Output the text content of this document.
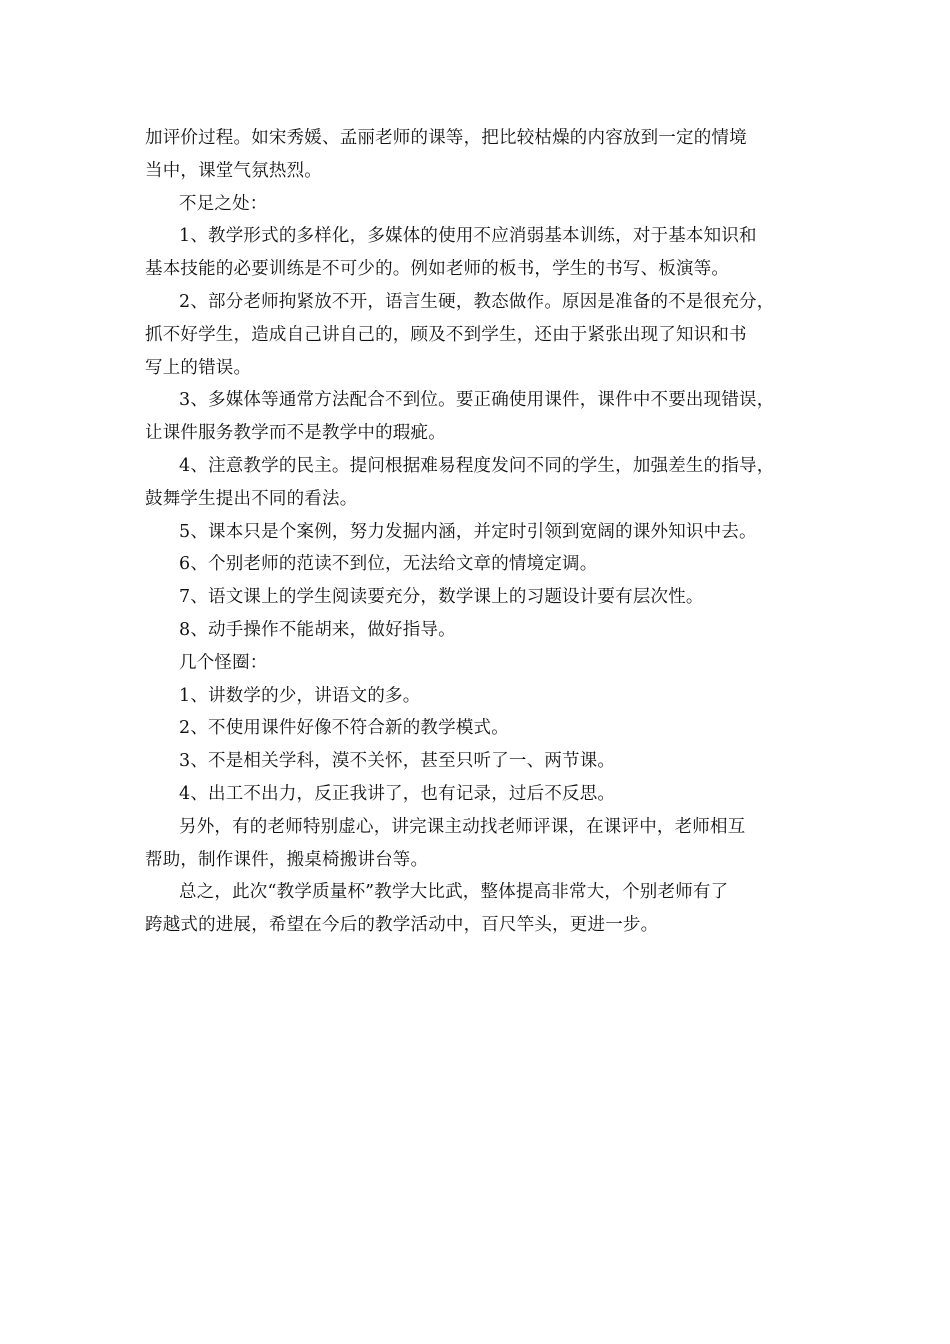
加评价过程。如宋秀媛、孟丽老师的课等，把比较枯燥的内容放到一定的情境
当中，课堂气氛热烈。
不足之处：
1、教学形式的多样化，多媒体的使用不应消弱基本训练，对于基本知识和
基本技能的必要训练是不可少的。例如老师的板书，学生的书写、板演等。
2、部分老师拘紧放不开，语言生硬，教态做作。原因是准备的不是很充分，
抓不好学生，造成自己讲自己的，顾及不到学生，还由于紧张出现了知识和书
写上的错误。
3、多媒体等通常方法配合不到位。要正确使用课件，课件中不要出现错误，
让课件服务教学而不是教学中的瑕疵。
4、注意教学的民主。提问根据难易程度发问不同的学生，加强差生的指导，
鼓舞学生提出不同的看法。
5、课本只是个案例，努力发掘内涵，并定时引领到宽阔的课外知识中去。
6、个别老师的范读不到位，无法给文章的情境定调。
7、语文课上的学生阅读要充分，数学课上的习题设计要有层次性。
8、动手操作不能胡来，做好指导。
几个怪圈：
1、讲数学的少，讲语文的多。
2、不使用课件好像不符合新的教学模式。
3、不是相关学科，漠不关怀，甚至只听了一、两节课。
4、出工不出力，反正我讲了，也有记录，过后不反思。
另外，有的老师特别虚心，讲完课主动找老师评课，在课评中，老师相互
帮助，制作课件，搬桌椅搬讲台等。
总之，此次“教学质量杯”教学大比武，整体提高非常大，个别老师有了
跨越式的进展，希望在今后的教学活动中，百尺竿头，更进一步。
